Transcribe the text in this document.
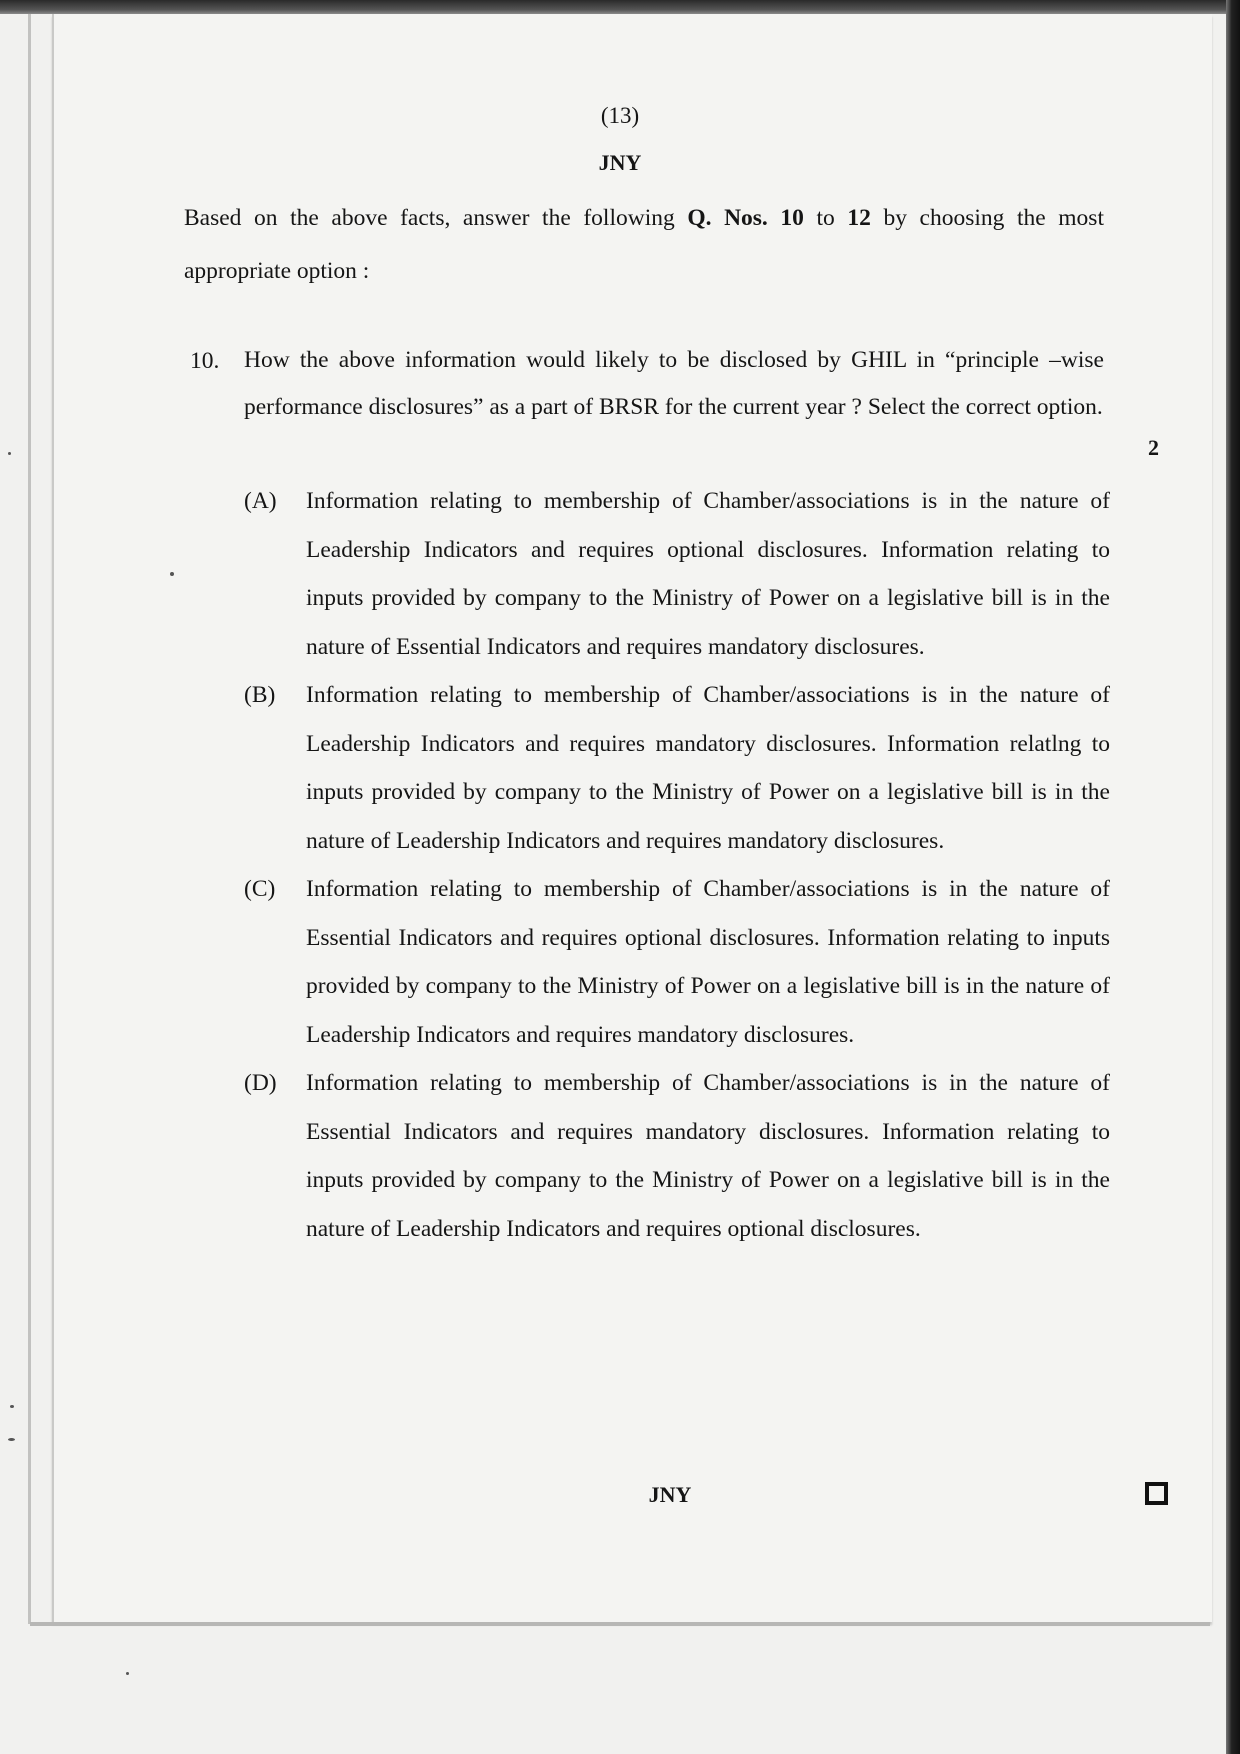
(13)
JNY
Based on the above facts, answer the following Q. Nos. 10 to 12 by choosing the most appropriate option :
10. How the above information would likely to be disclosed by GHIL in “principle –wise performance disclosures” as a part of BRSR for the current year ? Select the correct option.
2
(A) Information relating to membership of Chamber/associations is in the nature of Leadership Indicators and requires optional disclosures. Information relating to inputs provided by company to the Ministry of Power on a legislative bill is in the nature of Essential Indicators and requires mandatory disclosures.
(B) Information relating to membership of Chamber/associations is in the nature of Leadership Indicators and requires mandatory disclosures. Information relatlng to inputs provided by company to the Ministry of Power on a legislative bill is in the nature of Leadership Indicators and requires mandatory disclosures.
(C) Information relating to membership of Chamber/associations is in the nature of Essential Indicators and requires optional disclosures. Information relating to inputs provided by company to the Ministry of Power on a legislative bill is in the nature of Leadership Indicators and requires mandatory disclosures.
(D) Information relating to membership of Chamber/associations is in the nature of Essential Indicators and requires mandatory disclosures. Information relating to inputs provided by company to the Ministry of Power on a legislative bill is in the nature of Leadership Indicators and requires optional disclosures.
JNY
